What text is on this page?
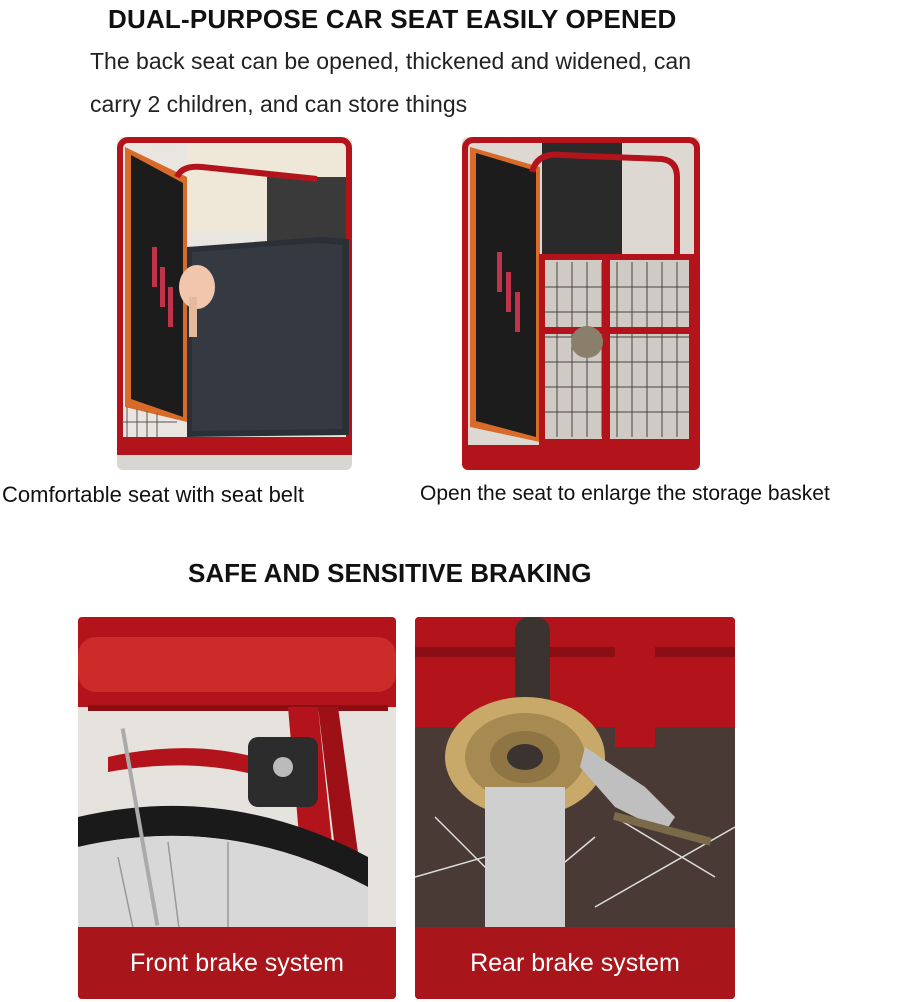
DUAL-PURPOSE CAR SEAT EASILY OPENED
The back seat can be opened, thickened and widened, can
carry 2 children, and can store things
Comfortable seat with seat belt	Open the seat to enlarge the storage basket
SAFE AND SENSITIVE BRAKING
Front brake system	Rear brake system
